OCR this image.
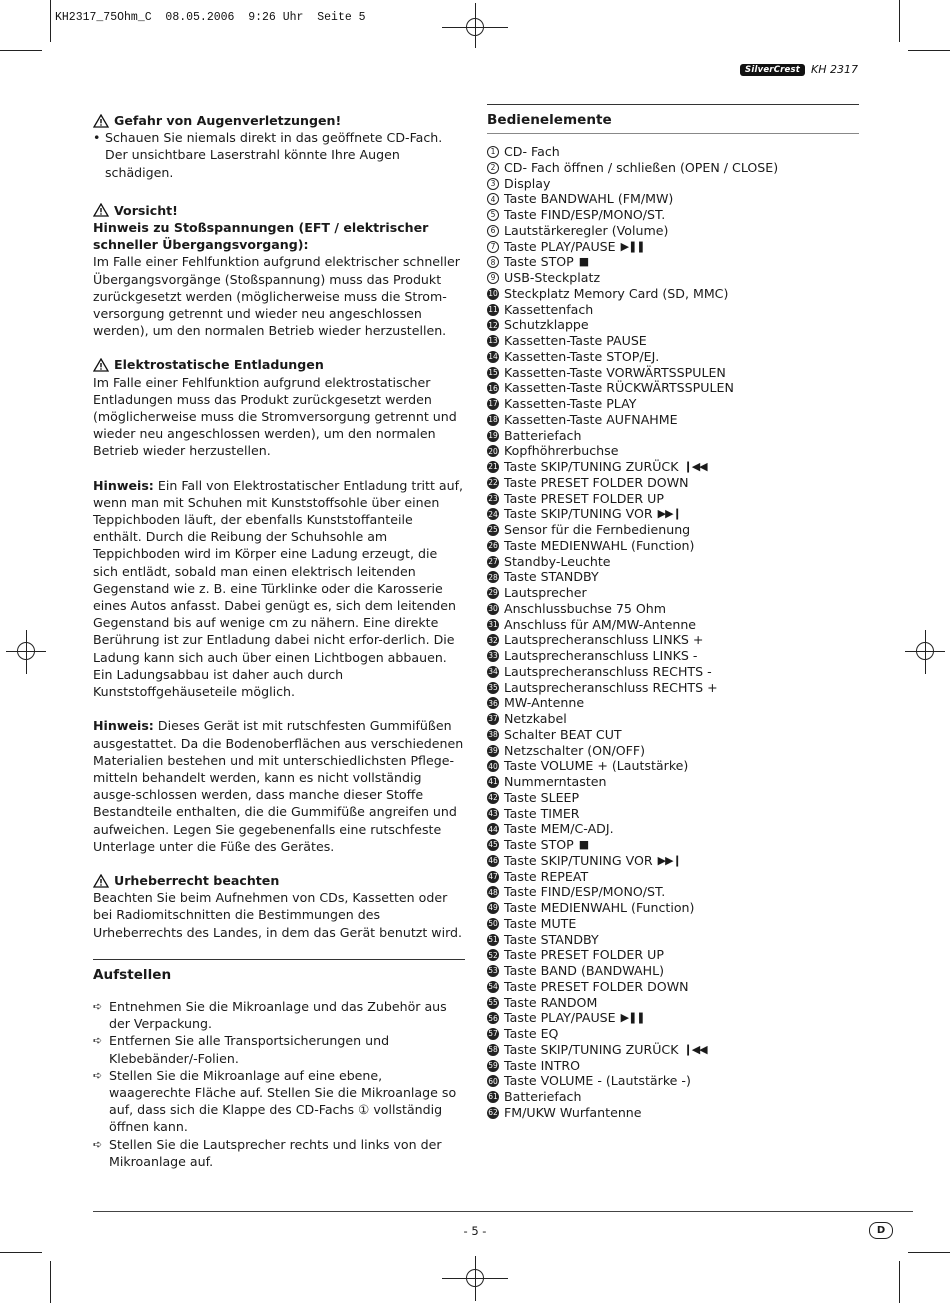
KH2317_75Ohm_C  08.05.2006  9:26 Uhr  Seite 5
SilverCrest	KH 2317
Gefahr von Augenverletzungen!
• Schauen Sie niemals direkt in das geöffnete CD-Fach. Der unsichtbare Laserstrahl könnte Ihre Augen schädigen.
Vorsicht!

Hinweis zu Stoßspannungen (EFT / elektrischer schneller Übergangsvorgang):

Im Falle einer Fehlfunktion aufgrund elektrischer schneller Übergangsvorgänge (Stoßspannung) muss das Produkt zurückgesetzt werden (möglicherweise muss die Strom-versorgung getrennt und wieder neu angeschlossen werden), um den normalen Betrieb wieder herzustellen.

Elektrostatische Entladungen

Im Falle einer Fehlfunktion aufgrund elektrostatischer Entladungen muss das Produkt zurückgesetzt werden (möglicherweise muss die Stromversorgung getrennt und wieder neu angeschlossen werden), um den normalen Betrieb wieder herzustellen.

Hinweis: Ein Fall von Elektrostatischer Entladung tritt auf, wenn man mit Schuhen mit Kunststoffsohle über einen Teppichboden läuft, der ebenfalls Kunststoffanteile enthält. Durch die Reibung der Schuhsohle am Teppichboden wird im Körper eine Ladung erzeugt, die sich entlädt, sobald man einen elektrisch leitenden Gegenstand wie z. B. eine Türklinke oder die Karosserie eines Autos anfasst. Dabei genügt es, sich dem leitenden Gegenstand bis auf wenige cm zu nähern. Eine direkte Berührung ist zur Entladung dabei nicht erfor-derlich. Die Ladung kann sich auch über einen Lichtbogen abbauen. Ein Ladungsabbau ist daher auch durch Kunststoffgehäuseteile möglich.

Hinweis: Dieses Gerät ist mit rutschfesten Gummifüßen ausgestattet. Da die Bodenoberflächen aus verschiedenen Materialien bestehen und mit unterschiedlichsten Pflege-mitteln behandelt werden, kann es nicht vollständig ausge-schlossen werden, dass manche dieser Stoffe Bestandteile enthalten, die die Gummifüße angreifen und aufweichen. Legen Sie gegebenenfalls eine rutschfeste Unterlage unter die Füße des Gerätes.

Urheberrecht beachten

Beachten Sie beim Aufnehmen von CDs, Kassetten oder bei Radiomitschnitten die Bestimmungen des Urheberrechts des Landes, in dem das Gerät benutzt wird.

Aufstellen
➪ Entnehmen Sie die Mikroanlage und das Zubehör aus der Verpackung.
➪ Entfernen Sie alle Transportsicherungen und Klebebänder/-Folien.
➪ Stellen Sie die Mikroanlage auf eine ebene, waagerechte Fläche auf. Stellen Sie die Mikroanlage so auf, dass sich die Klappe des CD-Fachs ① vollständig öffnen kann.
➪ Stellen Sie die Lautsprecher rechts und links von der Mikroanlage auf.
Bedienelemente
1 CD- Fach
2 CD- Fach öffnen / schließen (OPEN / CLOSE)
3 Display
4 Taste BANDWAHL (FM/MW)
5 Taste FIND/ESP/MONO/ST.
6 Lautstärkeregler (Volume)
7 Taste PLAY/PAUSE ▶❚❚
8 Taste STOP ■
9 USB-Steckplatz
10 Steckplatz Memory Card (SD, MMC)
11 Kassettenfach
12 Schutzklappe
13 Kassetten-Taste PAUSE
14 Kassetten-Taste STOP/EJ.
15 Kassetten-Taste VORWÄRTSSPULEN
16 Kassetten-Taste RÜCKWÄRTSSPULEN
17 Kassetten-Taste PLAY
18 Kassetten-Taste AUFNAHME
19 Batteriefach
20 Kopfhöhrerbuchse
21 Taste SKIP/TUNING ZURÜCK ❙◀◀
22 Taste PRESET FOLDER DOWN
23 Taste PRESET FOLDER UP
24 Taste SKIP/TUNING VOR ▶▶❙
25 Sensor für die Fernbedienung
26 Taste MEDIENWAHL (Function)
27 Standby-Leuchte
28 Taste STANDBY
29 Lautsprecher
30 Anschlussbuchse 75 Ohm
31 Anschluss für AM/MW-Antenne
32 Lautsprecheranschluss LINKS +
33 Lautsprecheranschluss LINKS -
34 Lautsprecheranschluss RECHTS -
35 Lautsprecheranschluss RECHTS +
36 MW-Antenne
37 Netzkabel
38 Schalter BEAT CUT
39 Netzschalter (ON/OFF)
40 Taste VOLUME + (Lautstärke)
41 Nummerntasten
42 Taste SLEEP
43 Taste TIMER
44 Taste MEM/C-ADJ.
45 Taste STOP ■
46 Taste SKIP/TUNING VOR ▶▶❙
47 Taste REPEAT
48 Taste FIND/ESP/MONO/ST.
49 Taste MEDIENWAHL (Function)
50 Taste MUTE
51 Taste STANDBY
52 Taste PRESET FOLDER UP
53 Taste BAND (BANDWAHL)
54 Taste PRESET FOLDER DOWN
55 Taste RANDOM
56 Taste PLAY/PAUSE ▶❚❚
57 Taste EQ
58 Taste SKIP/TUNING ZURÜCK ❙◀◀
59 Taste INTRO
60 Taste VOLUME - (Lautstärke -)
61 Batteriefach
62 FM/UKW Wurfantenne
- 5 -	D
